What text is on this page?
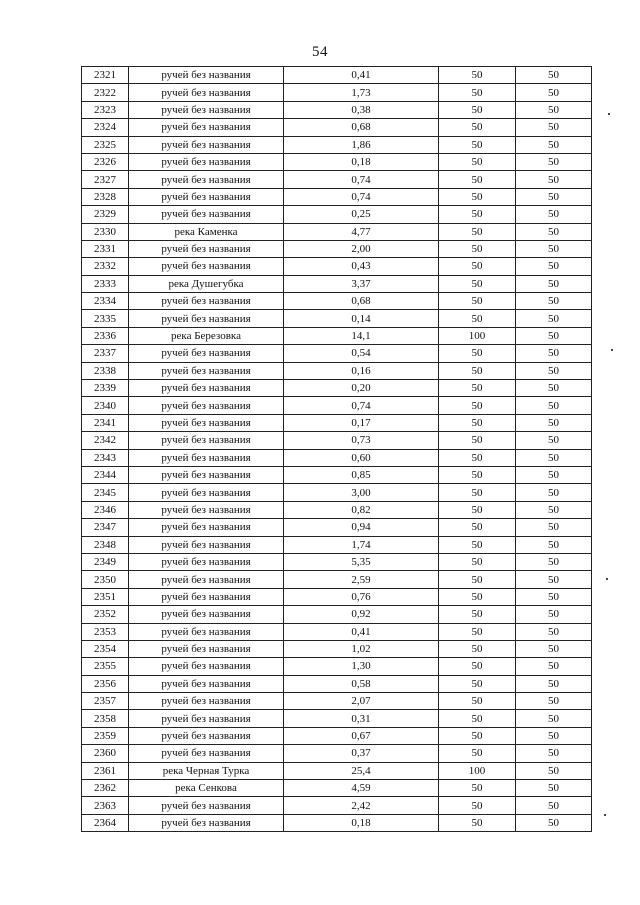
54
2321	ручей без названия	0,41	50	50
2322	ручей без названия	1,73	50	50
2323	ручей без названия	0,38	50	50
2324	ручей без названия	0,68	50	50
2325	ручей без названия	1,86	50	50
2326	ручей без названия	0,18	50	50
2327	ручей без названия	0,74	50	50
2328	ручей без названия	0,74	50	50
2329	ручей без названия	0,25	50	50
2330	река Каменка	4,77	50	50
2331	ручей без названия	2,00	50	50
2332	ручей без названия	0,43	50	50
2333	река Душегубка	3,37	50	50
2334	ручей без названия	0,68	50	50
2335	ручей без названия	0,14	50	50
2336	река Березовка	14,1	100	50
2337	ручей без названия	0,54	50	50
2338	ручей без названия	0,16	50	50
2339	ручей без названия	0,20	50	50
2340	ручей без названия	0,74	50	50
2341	ручей без названия	0,17	50	50
2342	ручей без названия	0,73	50	50
2343	ручей без названия	0,60	50	50
2344	ручей без названия	0,85	50	50
2345	ручей без названия	3,00	50	50
2346	ручей без названия	0,82	50	50
2347	ручей без названия	0,94	50	50
2348	ручей без названия	1,74	50	50
2349	ручей без названия	5,35	50	50
2350	ручей без названия	2,59	50	50
2351	ручей без названия	0,76	50	50
2352	ручей без названия	0,92	50	50
2353	ручей без названия	0,41	50	50
2354	ручей без названия	1,02	50	50
2355	ручей без названия	1,30	50	50
2356	ручей без названия	0,58	50	50
2357	ручей без названия	2,07	50	50
2358	ручей без названия	0,31	50	50
2359	ручей без названия	0,67	50	50
2360	ручей без названия	0,37	50	50
2361	река Черная Турка	25,4	100	50
2362	река Сенкова	4,59	50	50
2363	ручей без названия	2,42	50	50
2364	ручей без названия	0,18	50	50
